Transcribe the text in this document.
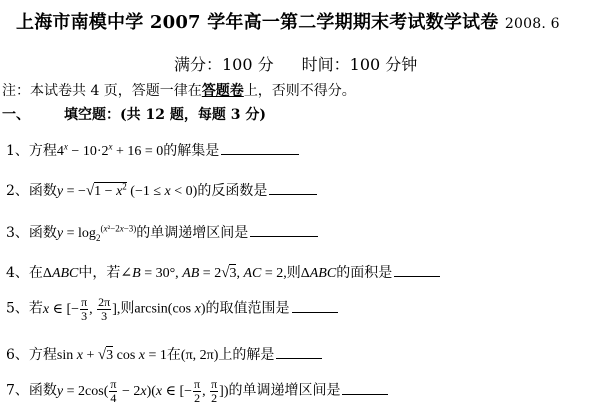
上海市南模中学 2007 学年高一第二学期期末考试数学试卷 2008. 6
满分：100 分 时间：100 分钟
注：本试卷共 4 页，答题一律在答题卷上，否则不得分。
一、 填空题：(共 12 题，每题 3 分)
1、方程$4^x - 10\cdot 2^x + 16 = 0$的解集是
2、函数$y = -√1 - x^2$ (−1 ≤ x < 0)的反函数是
3、函数$y = \log_2^{(x^2-2x-3)}$的单调递增区间是
4、在ΔABC中，若∠B = 30°, AB = 2√3, AC = 2,则ΔABC的面积是
5、若x ∈ [− $\frac{\pi}{3}$ , $\frac{2\pi}{3}$ ],则arcsin(cos x)的取值范围是
6、方程sin x + √3 cos x = 1在(π, 2π)上的解是
7、函数$y = 2\cos( \frac{\pi}{4} - 2x)(x$ ∈ [− $\frac{\pi}{2}$ , $\frac{\pi}{2}$ ])的单调递增区间是
